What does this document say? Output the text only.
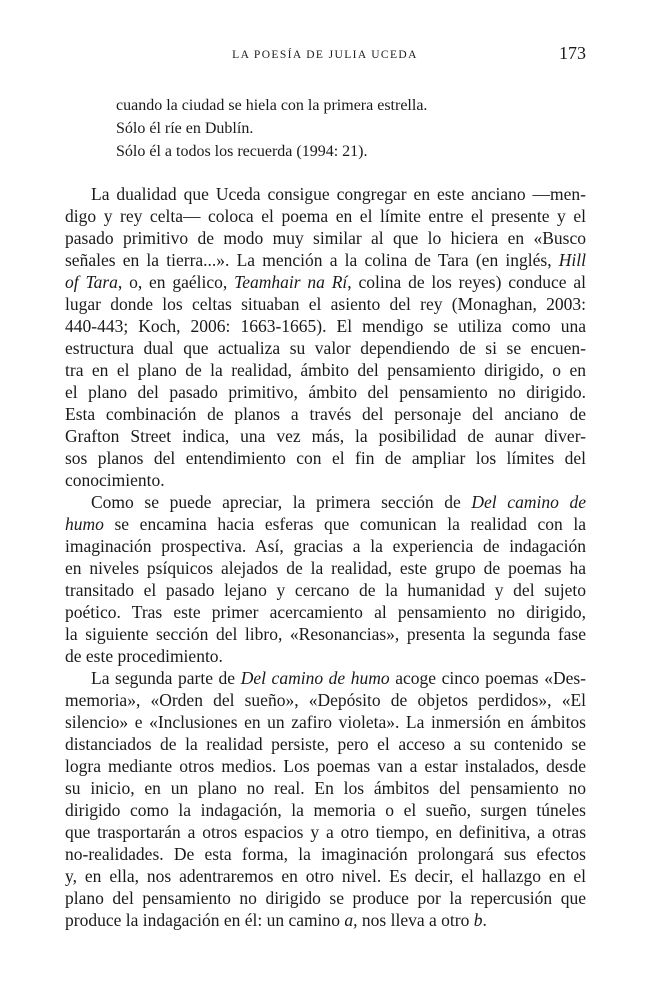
LA POESÍA DE JULIA UCEDA	173
cuando la ciudad se hiela con la primera estrella.
Sólo él ríe en Dublín.
Sólo él a todos los recuerda (1994: 21).
La dualidad que Uceda consigue congregar en este anciano —men-
digo y rey celta— coloca el poema en el límite entre el presente y el
pasado primitivo de modo muy similar al que lo hiciera en «Busco
señales en la tierra...». La mención a la colina de Tara (en inglés, Hill
of Tara, o, en gaélico, Teamhair na Rí, colina de los reyes) conduce al
lugar donde los celtas situaban el asiento del rey (Monaghan, 2003:
440-443; Koch, 2006: 1663-1665). El mendigo se utiliza como una
estructura dual que actualiza su valor dependiendo de si se encuen-
tra en el plano de la realidad, ámbito del pensamiento dirigido, o en
el plano del pasado primitivo, ámbito del pensamiento no dirigido.
Esta combinación de planos a través del personaje del anciano de
Grafton Street indica, una vez más, la posibilidad de aunar diver-
sos planos del entendimiento con el fin de ampliar los límites del
conocimiento.
Como se puede apreciar, la primera sección de Del camino de
humo se encamina hacia esferas que comunican la realidad con la
imaginación prospectiva. Así, gracias a la experiencia de indagación
en niveles psíquicos alejados de la realidad, este grupo de poemas ha
transitado el pasado lejano y cercano de la humanidad y del sujeto
poético. Tras este primer acercamiento al pensamiento no dirigido,
la siguiente sección del libro, «Resonancias», presenta la segunda fase
de este procedimiento.
La segunda parte de Del camino de humo acoge cinco poemas «Des-
memoria», «Orden del sueño», «Depósito de objetos perdidos», «El
silencio» e «Inclusiones en un zafiro violeta». La inmersión en ámbitos
distanciados de la realidad persiste, pero el acceso a su contenido se
logra mediante otros medios. Los poemas van a estar instalados, desde
su inicio, en un plano no real. En los ámbitos del pensamiento no
dirigido como la indagación, la memoria o el sueño, surgen túneles
que trasportarán a otros espacios y a otro tiempo, en definitiva, a otras
no-realidades. De esta forma, la imaginación prolongará sus efectos
y, en ella, nos adentraremos en otro nivel. Es decir, el hallazgo en el
plano del pensamiento no dirigido se produce por la repercusión que
produce la indagación en él: un camino a, nos lleva a otro b.
